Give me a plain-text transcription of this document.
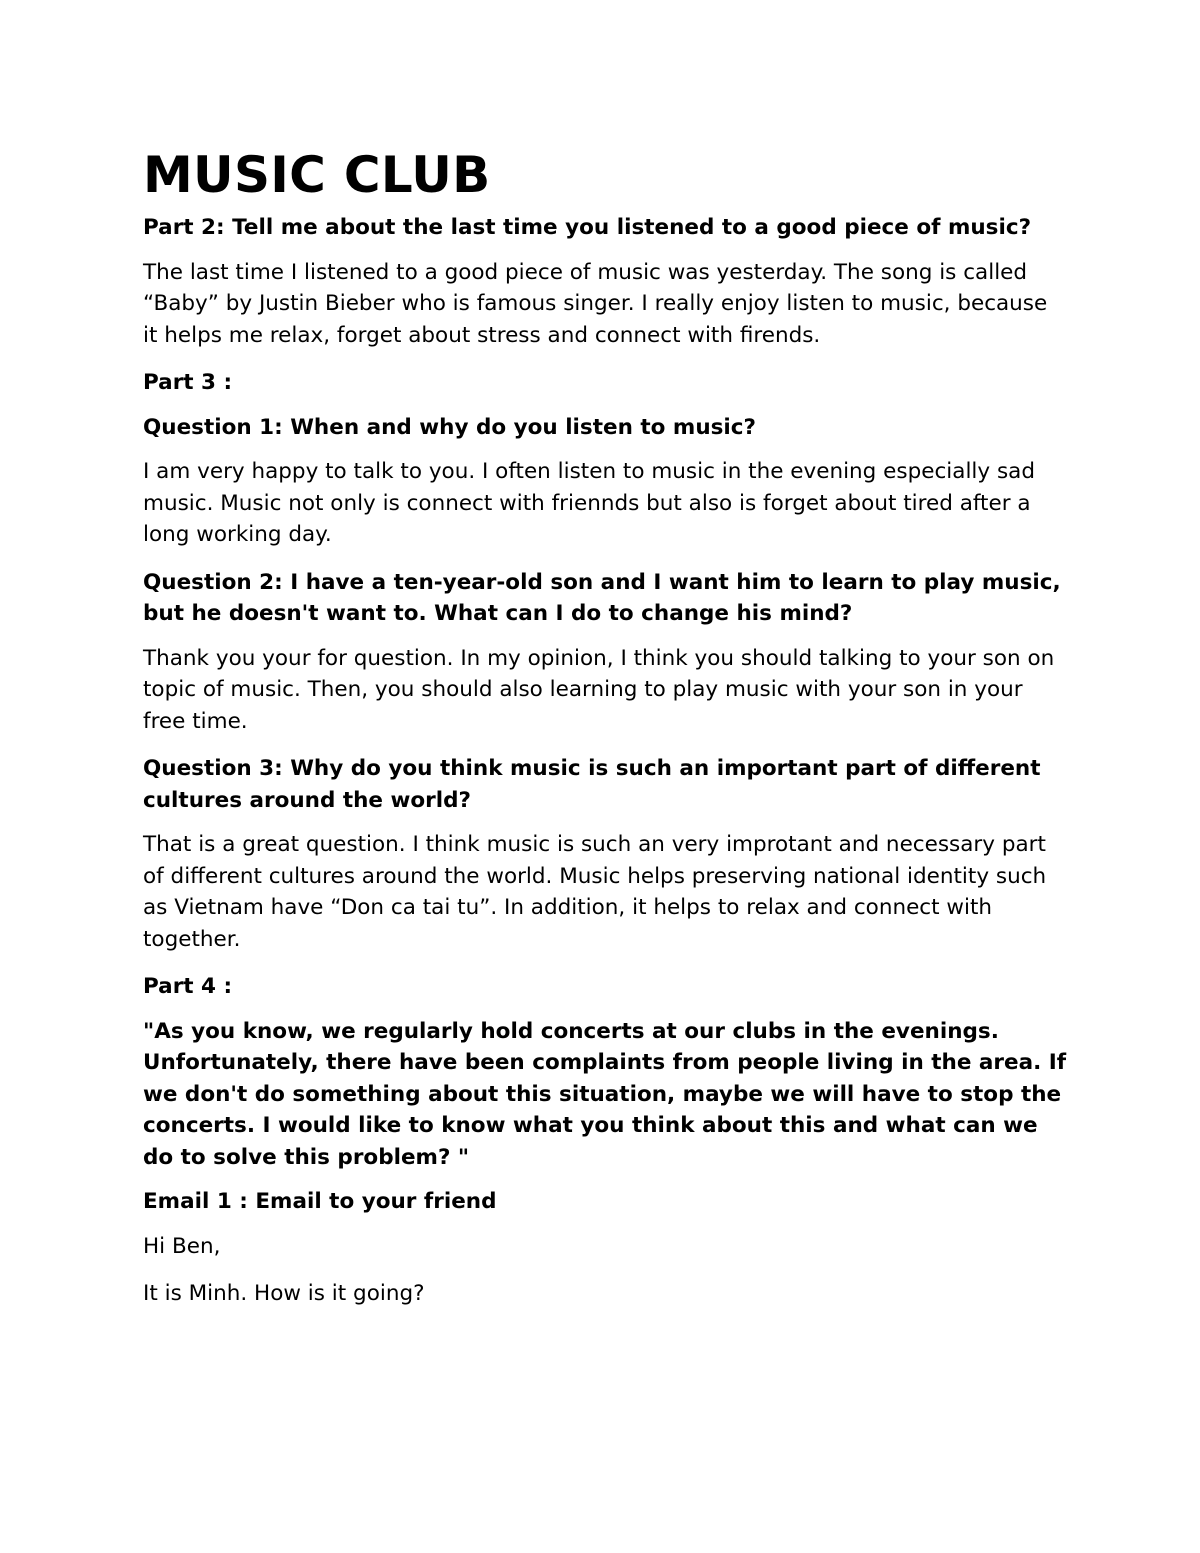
MUSIC CLUB

Part 2: Tell me about the last time you listened to a good piece of music?

The last time I listened to a good piece of music was yesterday. The song is called “Baby” by Justin Bieber who is famous singer. I really enjoy listen to music, because it helps me relax, forget about stress and connect with firends.

Part 3 :

Question 1: When and why do you listen to music?

I am very happy to talk to you. I often listen to music in the evening especially sad music. Music not only is connect with friennds but also is forget about tired after a long working day.

Question 2: I have a ten-year-old son and I want him to learn to play music, but he doesn't want to. What can I do to change his mind?

Thank you your for question. In my opinion, I think you should talking to your son on topic of music. Then, you should also learning to play music with your son in your free time.

Question 3: Why do you think music is such an important part of different cultures around the world?

That is a great question. I think music is such an very improtant and necessary part of different cultures around the world. Music helps preserving national identity such as Vietnam have “Don ca tai tu”. In addition, it helps to relax and connect with together.

Part 4 :

"As you know, we regularly hold concerts at our clubs in the evenings. Unfortunately, there have been complaints from people living in the area. If we don't do something about this situation, maybe we will have to stop the concerts. I would like to know what you think about this and what can we do to solve this problem? "

Email 1 : Email to your friend

Hi Ben,

It is Minh. How is it going?
